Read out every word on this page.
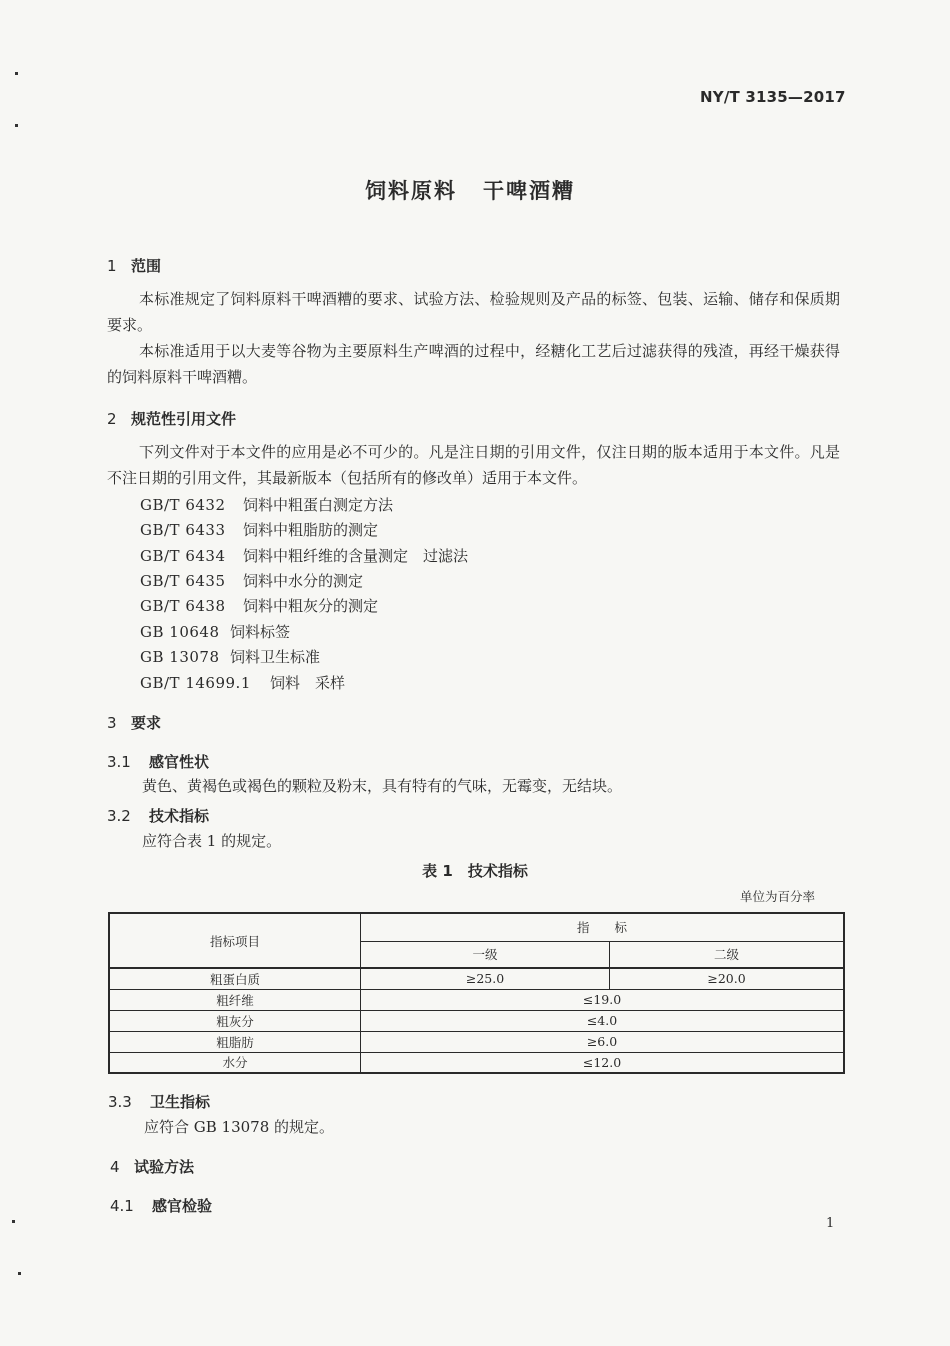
NY/T 3135—2017
饲料原料 干啤酒糟
1 范围
本标准规定了饲料原料干啤酒糟的要求、试验方法、检验规则及产品的标签、包装、运输、储存和保质期要求。
本标准适用于以大麦等谷物为主要原料生产啤酒的过程中，经糖化工艺后过滤获得的残渣，再经干燥获得的饲料原料干啤酒糟。
2 规范性引用文件
下列文件对于本文件的应用是必不可少的。凡是注日期的引用文件，仅注日期的版本适用于本文件。凡是不注日期的引用文件，其最新版本（包括所有的修改单）适用于本文件。
GB/T 6432 饲料中粗蛋白测定方法
GB/T 6433 饲料中粗脂肪的测定
GB/T 6434 饲料中粗纤维的含量测定　过滤法
GB/T 6435 饲料中水分的测定
GB/T 6438 饲料中粗灰分的测定
GB 10648 饲料标签
GB 13078 饲料卫生标准
GB/T 14699.1 饲料　采样
3 要求
3.1 感官性状
黄色、黄褐色或褐色的颗粒及粉末，具有特有的气味，无霉变，无结块。
3.2 技术指标
应符合表 1 的规定。
表 1　技术指标
单位为百分率
指标项目	指　　标	
	一级	二级
粗蛋白质	≥25.0	≥20.0
粗纤维	≤19.0	
粗灰分	≤4.0	
粗脂肪	≥6.0	
水分	≤12.0	
3.3 卫生指标
应符合 GB 13078 的规定。
4 试验方法
4.1 感官检验
1
